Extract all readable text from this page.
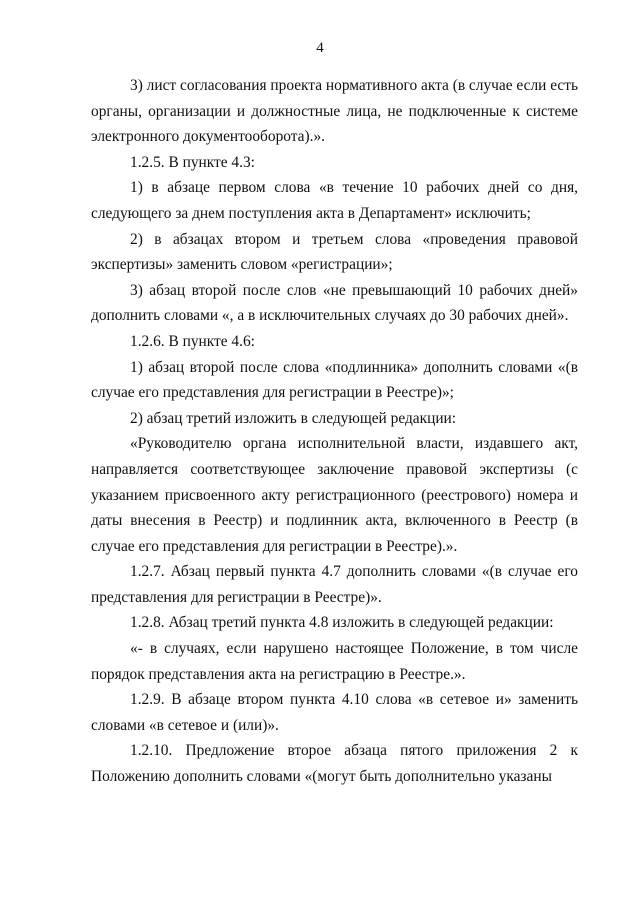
4

3) лист согласования проекта нормативного акта (в случае если есть органы, организации и должностные лица, не подключенные к системе электронного документооборота).».

1.2.5. В пункте 4.3:

1) в абзаце первом слова «в течение 10 рабочих дней со дня, следующего за днем поступления акта в Департамент» исключить;

2) в абзацах втором и третьем слова «проведения правовой экспертизы» заменить словом «регистрации»;

3) абзац второй после слов «не превышающий 10 рабочих дней» дополнить словами «, а в исключительных случаях до 30 рабочих дней».

1.2.6. В пункте 4.6:

1) абзац второй после слова «подлинника» дополнить словами «(в случае его представления для регистрации в Реестре)»;

2) абзац третий изложить в следующей редакции:

«Руководителю органа исполнительной власти, издавшего акт, направляется соответствующее заключение правовой экспертизы (с указанием присвоенного акту регистрационного (реестрового) номера и даты внесения в Реестр) и подлинник акта, включенного в Реестр (в случае его представления для регистрации в Реестре).».

1.2.7. Абзац первый пункта 4.7 дополнить словами «(в случае его представления для регистрации в Реестре)».

1.2.8. Абзац третий пункта 4.8 изложить в следующей редакции:

«- в случаях, если нарушено настоящее Положение, в том числе порядок представления акта на регистрацию в Реестре.».

1.2.9. В абзаце втором пункта 4.10 слова «в сетевое и» заменить словами «в сетевое и (или)».

1.2.10. Предложение второе абзаца пятого приложения 2 к Положению дополнить словами «(могут быть дополнительно указаны
